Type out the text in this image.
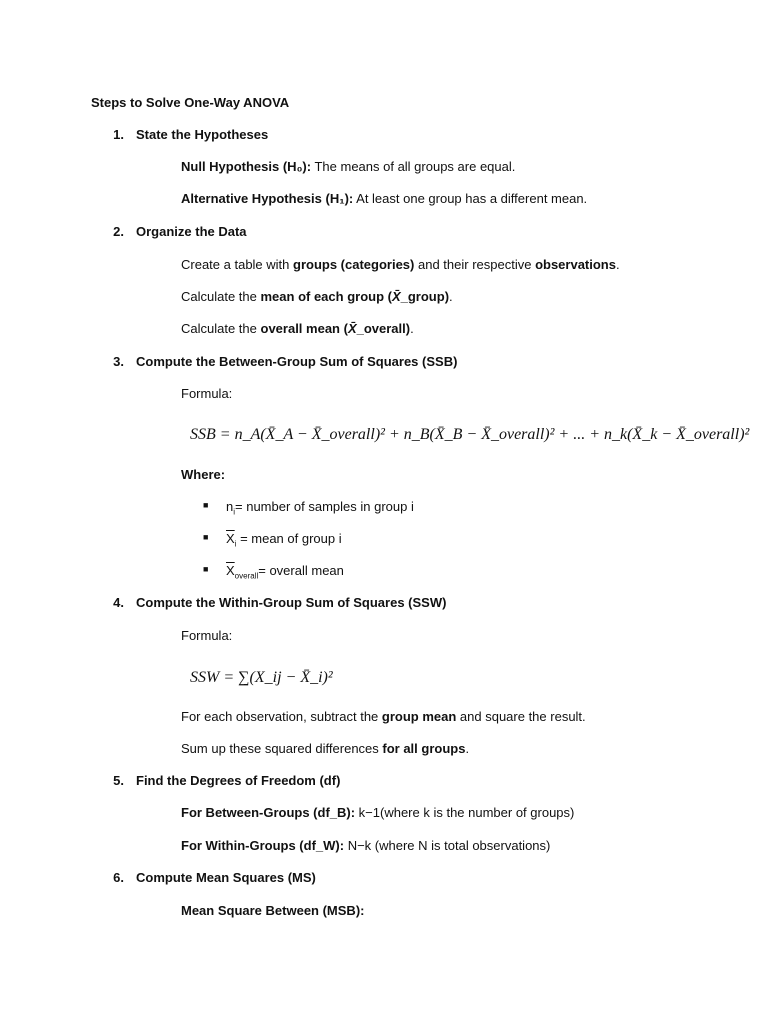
Steps to Solve One-Way ANOVA
1. State the Hypotheses
Null Hypothesis (H₀): The means of all groups are equal.
Alternative Hypothesis (H₁): At least one group has a different mean.
2. Organize the Data
Create a table with groups (categories) and their respective observations.
Calculate the mean of each group (X̄_group).
Calculate the overall mean (X̄_overall).
3. Compute the Between-Group Sum of Squares (SSB)
Formula:
SSB = n_A(X̄_A − X̄_overall)² + n_B(X̄_B − X̄_overall)² + ... + n_k(X̄_k − X̄_overall)²
Where:
■ $n_i=$ number of samples in group i
■ $\overline{X}_i$ = mean of group i
■ $\overline{X}_{overall}=$ overall mean
4. Compute the Within-Group Sum of Squares (SSW)
Formula:
SSW = ∑(X_ij − X̄_i)²
For each observation, subtract the group mean and square the result.
Sum up these squared differences for all groups.
5. Find the Degrees of Freedom (df)
For Between-Groups (df_B): k−1(where k is the number of groups)
For Within-Groups (df_W): N−k (where N is total observations)
6. Compute Mean Squares (MS)
Mean Square Between (MSB):
